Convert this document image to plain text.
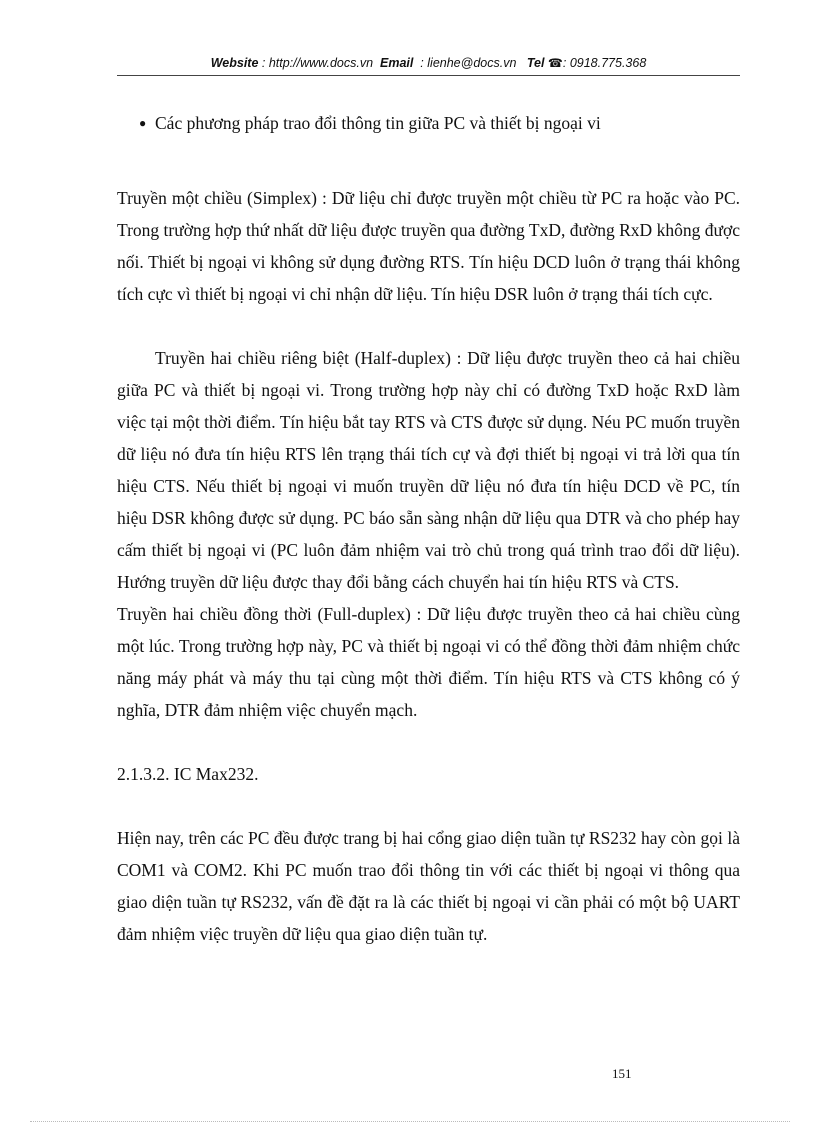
Website : http://www.docs.vn Email  : lienhe@docs.vn Tel ☎: 0918.775.368
● Các phương pháp trao đổi thông tin giữa PC và thiết bị ngoại vi

Truyền một chiều (Simplex) : Dữ liệu chỉ được truyền một chiều từ PC ra hoặc vào PC. Trong trường hợp thứ nhất dữ liệu được truyền qua đường TxD, đường RxD không được nối. Thiết bị ngoại vi không sử dụng đường RTS. Tín hiệu DCD luôn ở trạng thái không tích cực vì thiết bị ngoại vi chỉ nhận dữ liệu. Tín hiệu DSR luôn ở trạng thái tích cực.

Truyền hai chiều riêng biệt (Half-duplex) : Dữ liệu được truyền theo cả hai chiều giữa PC và thiết bị ngoại vi. Trong trường hợp này chỉ có đường TxD hoặc RxD làm việc tại một thời điểm. Tín hiệu bắt tay RTS và CTS được sử dụng. Néu PC muốn truyền dữ liệu nó đưa tín hiệu RTS lên trạng thái tích cự và đợi thiết bị ngoại vi trả lời qua tín hiệu CTS. Nếu thiết bị ngoại vi muốn truyền dữ liệu nó đưa tín hiệu DCD về PC, tín hiệu DSR không được sử dụng. PC báo sẵn sàng nhận dữ liệu qua DTR và cho phép hay cấm thiết bị ngoại vi (PC luôn đảm nhiệm vai trò chủ trong quá trình trao đổi dữ liệu). Hướng truyền dữ liệu được thay đổi bằng cách chuyển hai tín hiệu RTS và CTS.

Truyền hai chiều đồng thời (Full-duplex) : Dữ liệu được truyền theo cả hai chiều cùng một lúc. Trong trường hợp này, PC và thiết bị ngoại vi có thể đồng thời đảm nhiệm chức năng máy phát và máy thu tại cùng một thời điểm. Tín hiệu RTS và CTS không có ý nghĩa, DTR đảm nhiệm việc chuyển mạch.

2.1.3.2. IC Max232.

Hiện nay, trên các PC đều được trang bị hai cổng giao diện tuần tự RS232 hay còn gọi là COM1 và COM2. Khi PC muốn trao đổi thông tin với các thiết bị ngoại vi thông qua giao diện tuần tự RS232, vấn đề đặt ra là các thiết bị ngoại vi cần phải có một bộ UART đảm nhiệm việc truyền dữ liệu qua giao diện tuần tự.

151
